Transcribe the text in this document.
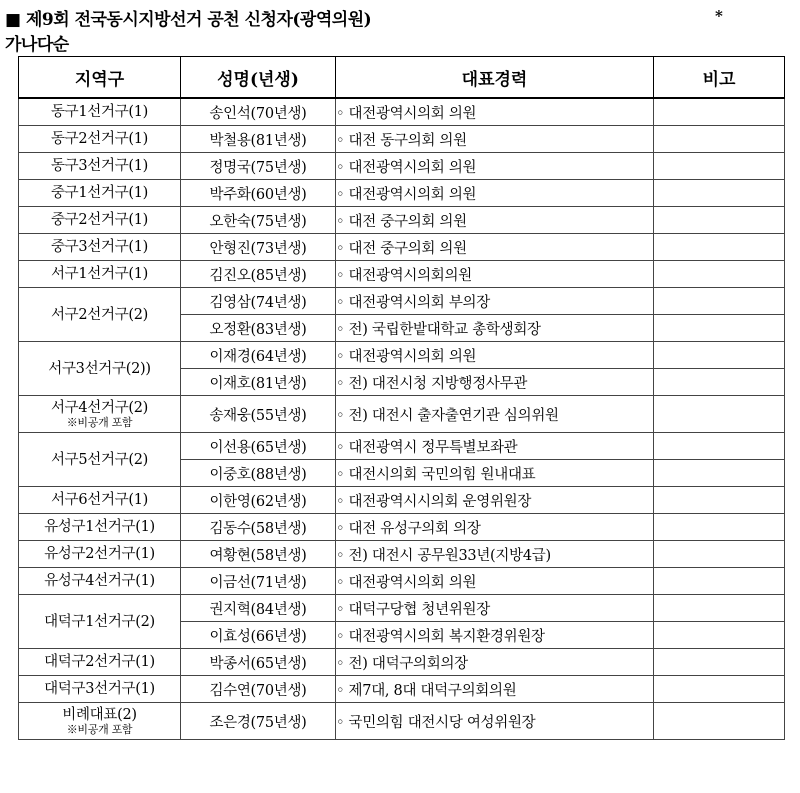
■ 제9회 전국동시지방선거 공천 신청자(광역의원)	*
가나다순
지역구	성명(년생)	대표경력	비고

동구1선거구(1)	송인석(70년생)	◦ 대전광역시의회 의원	

동구2선거구(1)	박철용(81년생)	◦ 대전 동구의회 의원	

동구3선거구(1)	정명국(75년생)	◦ 대전광역시의회 의원	

중구1선거구(1)	박주화(60년생)	◦ 대전광역시의회 의원	

중구2선거구(1)	오한숙(75년생)	◦ 대전 중구의회 의원	

중구3선거구(1)	안형진(73년생)	◦ 대전 중구의회 의원	

서구1선거구(1)	김진오(85년생)	◦ 대전광역시의회의원	

서구2선거구(2)	김영삼(74년생)	◦ 대전광역시의회 부의장	
	오정환(83년생)	◦ 전) 국립한밭대학교 총학생회장	

서구3선거구(2))	이재경(64년생)	◦ 대전광역시의회 의원	
	이재호(81년생)	◦ 전) 대전시청 지방행정사무관	

서구4선거구(2)
※비공개 포함	송재웅(55년생)	◦ 전) 대전시 출자출연기관 심의위원	

서구5선거구(2)	이선용(65년생)	◦ 대전광역시 정무특별보좌관	
	이중호(88년생)	◦ 대전시의회 국민의힘 원내대표	

서구6선거구(1)	이한영(62년생)	◦ 대전광역시시의회 운영위원장	

유성구1선거구(1)	김동수(58년생)	◦ 대전 유성구의회 의장	

유성구2선거구(1)	여황현(58년생)	◦ 전) 대전시 공무원33년(지방4급)	

유성구4선거구(1)	이금선(71년생)	◦ 대전광역시의회 의원	

대덕구1선거구(2)	권지혁(84년생)	◦ 대덕구당협 청년위원장	
	이효성(66년생)	◦ 대전광역시의회 복지환경위원장	

대덕구2선거구(1)	박종서(65년생)	◦ 전) 대덕구의회의장	

대덕구3선거구(1)	김수연(70년생)	◦ 제7대, 8대 대덕구의회의원	

비례대표(2)
※비공개 포함	조은경(75년생)	◦ 국민의힘 대전시당 여성위원장	
